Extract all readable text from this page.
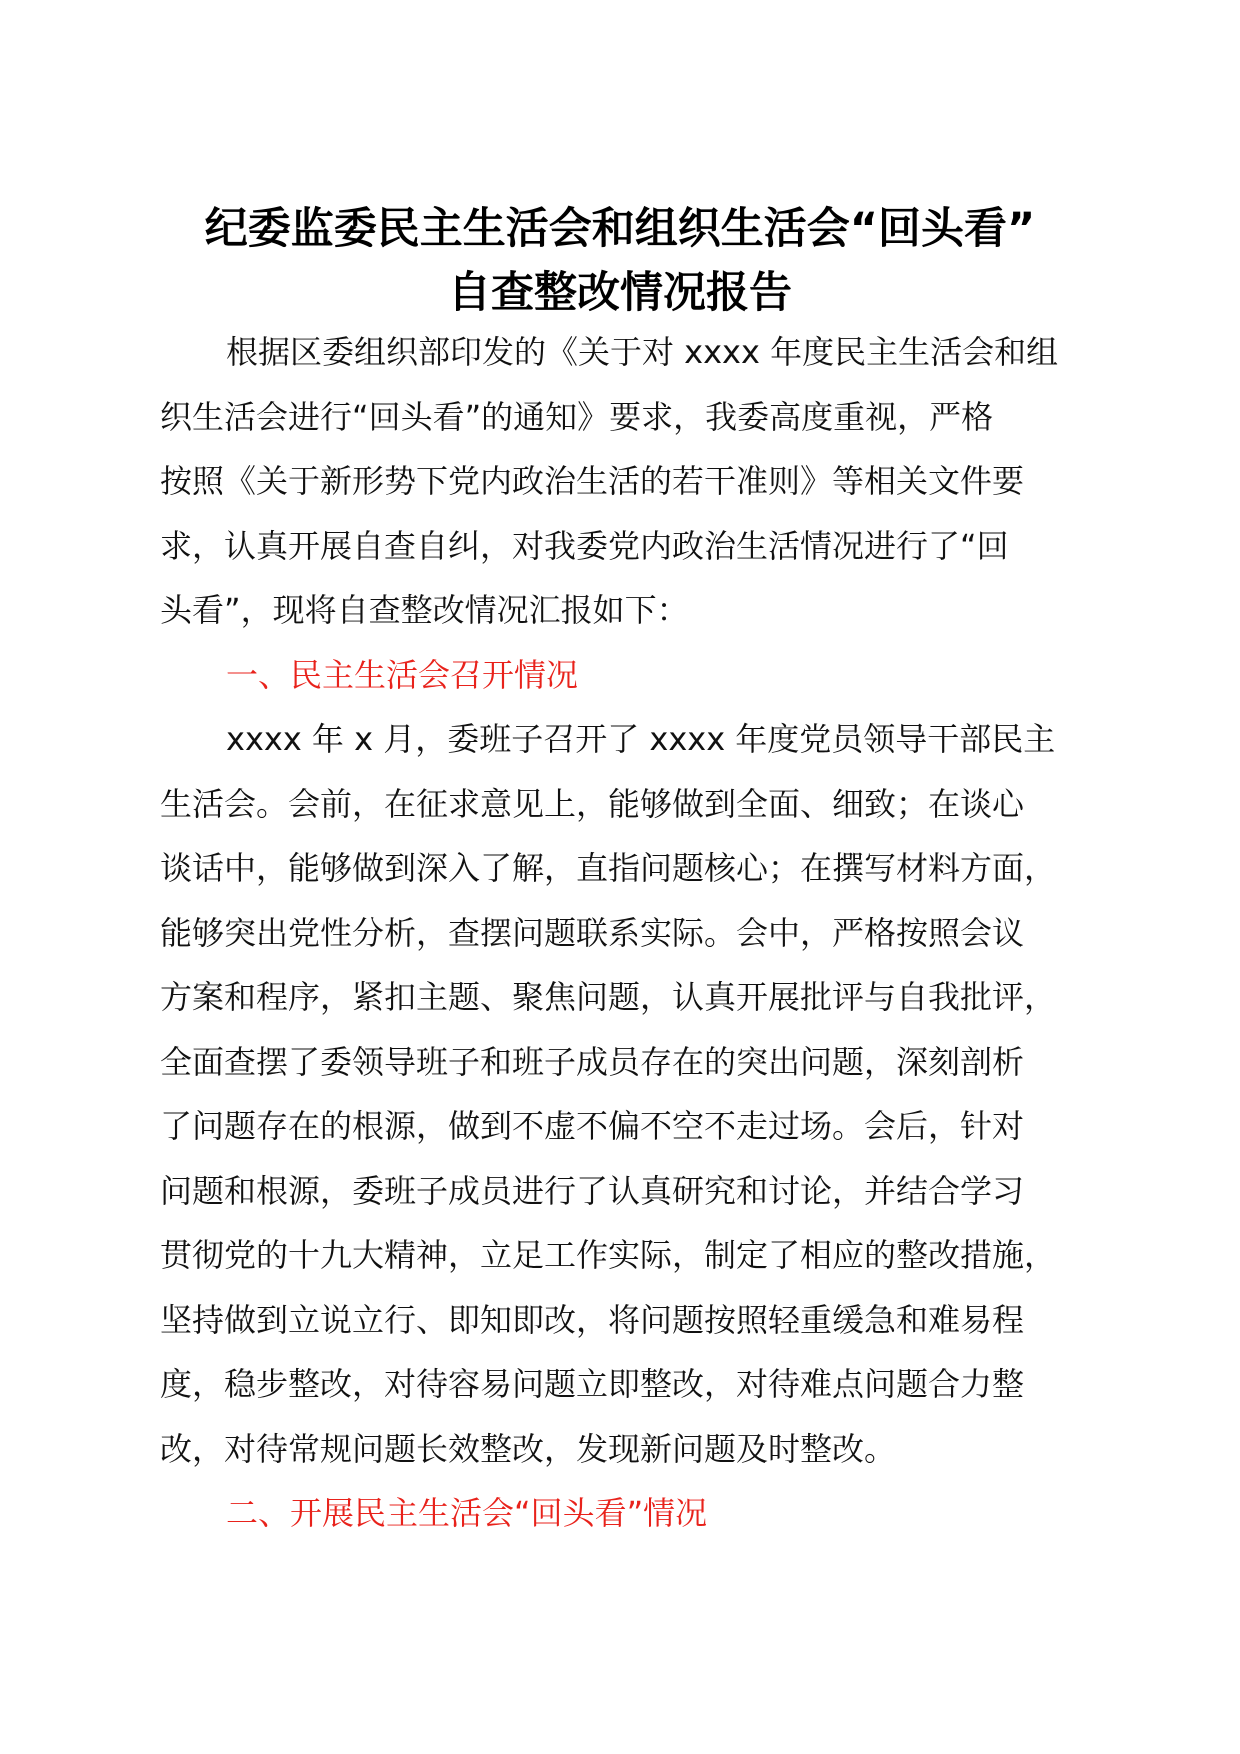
纪委监委民主生活会和组织生活会“回头看”
自查整改情况报告
根据区委组织部印发的《关于对 xxxx 年度民主生活会和组
织生活会进行“回头看”的通知》要求，我委高度重视，严格
按照《关于新形势下党内政治生活的若干准则》等相关文件要
求，认真开展自查自纠，对我委党内政治生活情况进行了“回
头看”，现将自查整改情况汇报如下：
一、民主生活会召开情况
xxxx 年 x 月，委班子召开了 xxxx 年度党员领导干部民主
生活会。会前，在征求意见上，能够做到全面、细致；在谈心
谈话中，能够做到深入了解，直指问题核心；在撰写材料方面，
能够突出党性分析，查摆问题联系实际。会中，严格按照会议
方案和程序，紧扣主题、聚焦问题，认真开展批评与自我批评，
全面查摆了委领导班子和班子成员存在的突出问题，深刻剖析
了问题存在的根源，做到不虚不偏不空不走过场。会后，针对
问题和根源，委班子成员进行了认真研究和讨论，并结合学习
贯彻党的十九大精神，立足工作实际，制定了相应的整改措施，
坚持做到立说立行、即知即改，将问题按照轻重缓急和难易程
度，稳步整改，对待容易问题立即整改，对待难点问题合力整
改，对待常规问题长效整改，发现新问题及时整改。
二、开展民主生活会“回头看”情况
